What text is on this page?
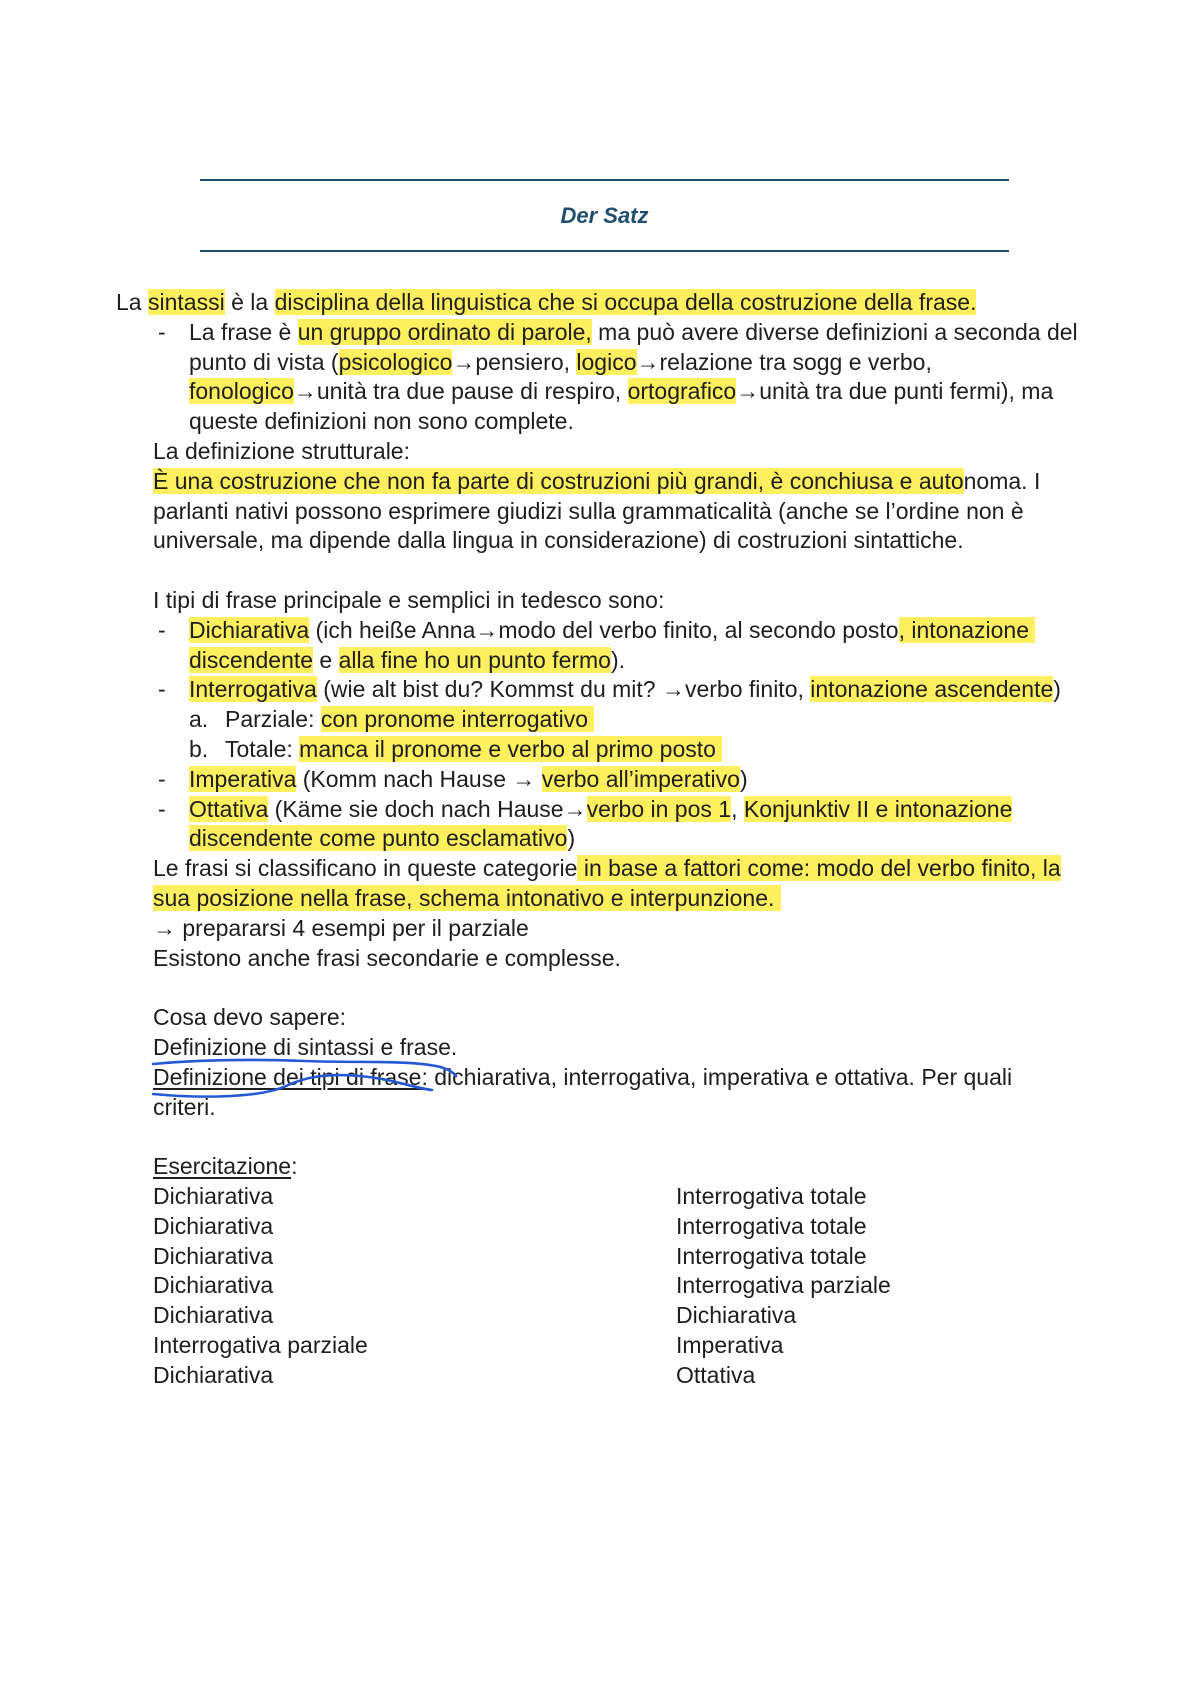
Der Satz
La sintassi è la disciplina della linguistica che si occupa della costruzione della frase.
- La frase è un gruppo ordinato di parole, ma può avere diverse definizioni a seconda del
punto di vista (psicologico→pensiero, logico→relazione tra sogg e verbo,
fonologico→unità tra due pause di respiro, ortografico→unità tra due punti fermi), ma
queste definizioni non sono complete.
La definizione strutturale:
È una costruzione che non fa parte di costruzioni più grandi, è conchiusa e autonoma. I
parlanti nativi possono esprimere giudizi sulla grammaticalità (anche se l’ordine non è
universale, ma dipende dalla lingua in considerazione) di costruzioni sintattiche.
I tipi di frase principale e semplici in tedesco sono:
- Dichiarativa (ich heiße Anna→modo del verbo finito, al secondo posto, intonazione
discendente e alla fine ho un punto fermo).
- Interrogativa (wie alt bist du? Kommst du mit? →verbo finito, intonazione ascendente)
a. Parziale: con pronome interrogativo
b. Totale: manca il pronome e verbo al primo posto
- Imperativa (Komm nach Hause → verbo all’imperativo)
- Ottativa (Käme sie doch nach Hause→verbo in pos 1, Konjunktiv II e intonazione
discendente come punto esclamativo)
Le frasi si classificano in queste categorie in base a fattori come: modo del verbo finito, la
sua posizione nella frase, schema intonativo e interpunzione.
→ prepararsi 4 esempi per il parziale
Esistono anche frasi secondarie e complesse.
Cosa devo sapere:
Definizione di sintassi e frase.
Definizione dei tipi di frase: dichiarativa, interrogativa, imperativa e ottativa. Per quali
criteri.
Esercitazione:
Dichiarativa	Interrogativa totale
Dichiarativa	Interrogativa totale
Dichiarativa	Interrogativa totale
Dichiarativa	Interrogativa parziale
Dichiarativa	Dichiarativa
Interrogativa parziale	Imperativa
Dichiarativa	Ottativa
